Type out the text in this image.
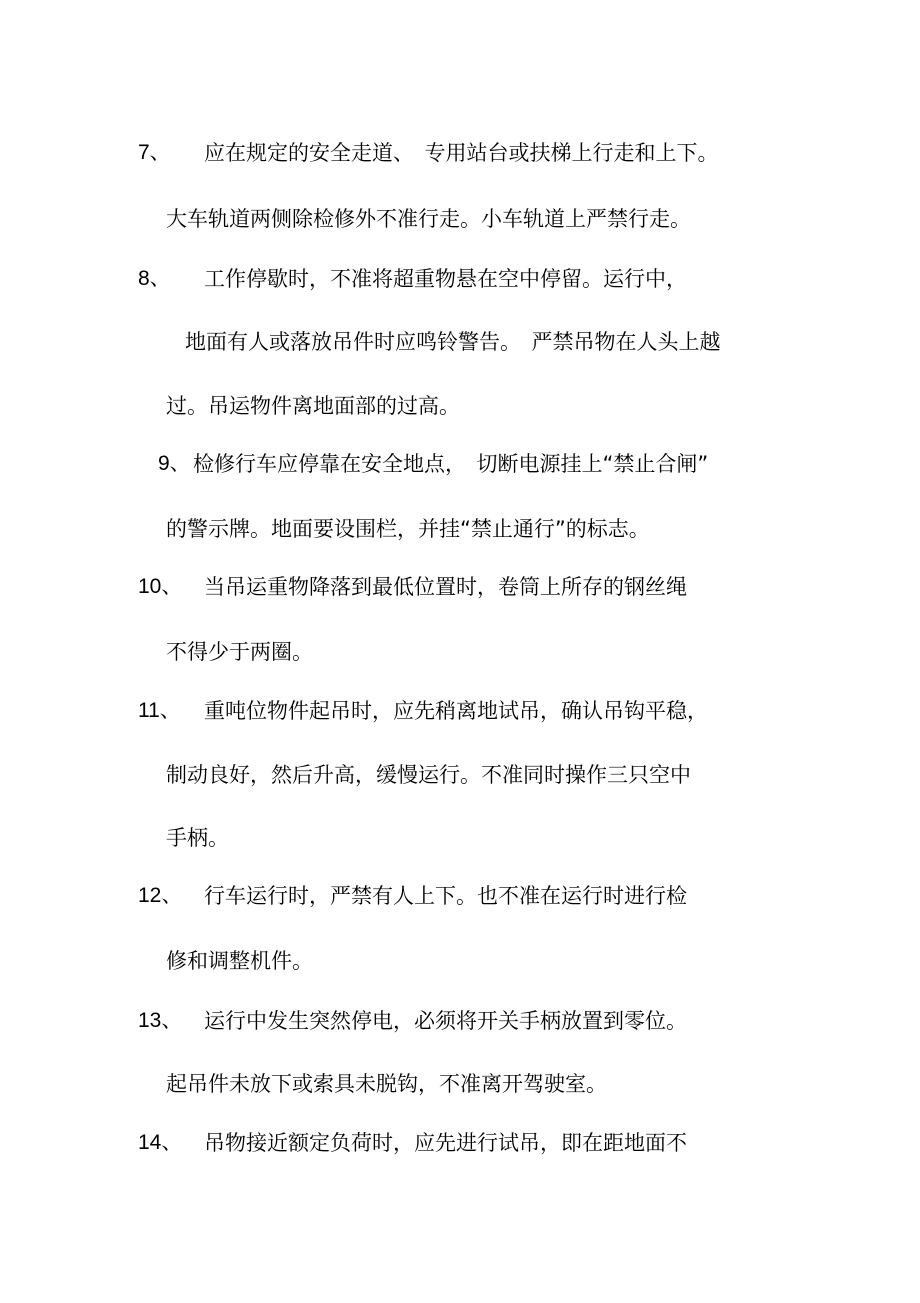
7、 应在规定的安全走道、　专用站台或扶梯上行走和上下。
大车轨道两侧除检修外不准行走。小车轨道上严禁行走。
8、 工作停歇时，不准将超重物悬在空中停留。运行中，
地面有人或落放吊件时应鸣铃警告。　严禁吊物在人头上越
过。吊运物件离地面部的过高。
9、 检修行车应停靠在安全地点，　切断电源挂上“禁止合闸”
的警示牌。地面要设围栏，并挂“禁止通行”的标志。
10、 当吊运重物降落到最低位置时，卷筒上所存的钢丝绳
不得少于两圈。
11、 重吨位物件起吊时，应先稍离地试吊，确认吊钩平稳，
制动良好，然后升高，缓慢运行。不准同时操作三只空中
手柄。
12、 行车运行时，严禁有人上下。也不准在运行时进行检
修和调整机件。
13、 运行中发生突然停电，必须将开关手柄放置到零位。
起吊件未放下或索具未脱钩，不准离开驾驶室。
14、 吊物接近额定负荷时，应先进行试吊，即在距地面不
